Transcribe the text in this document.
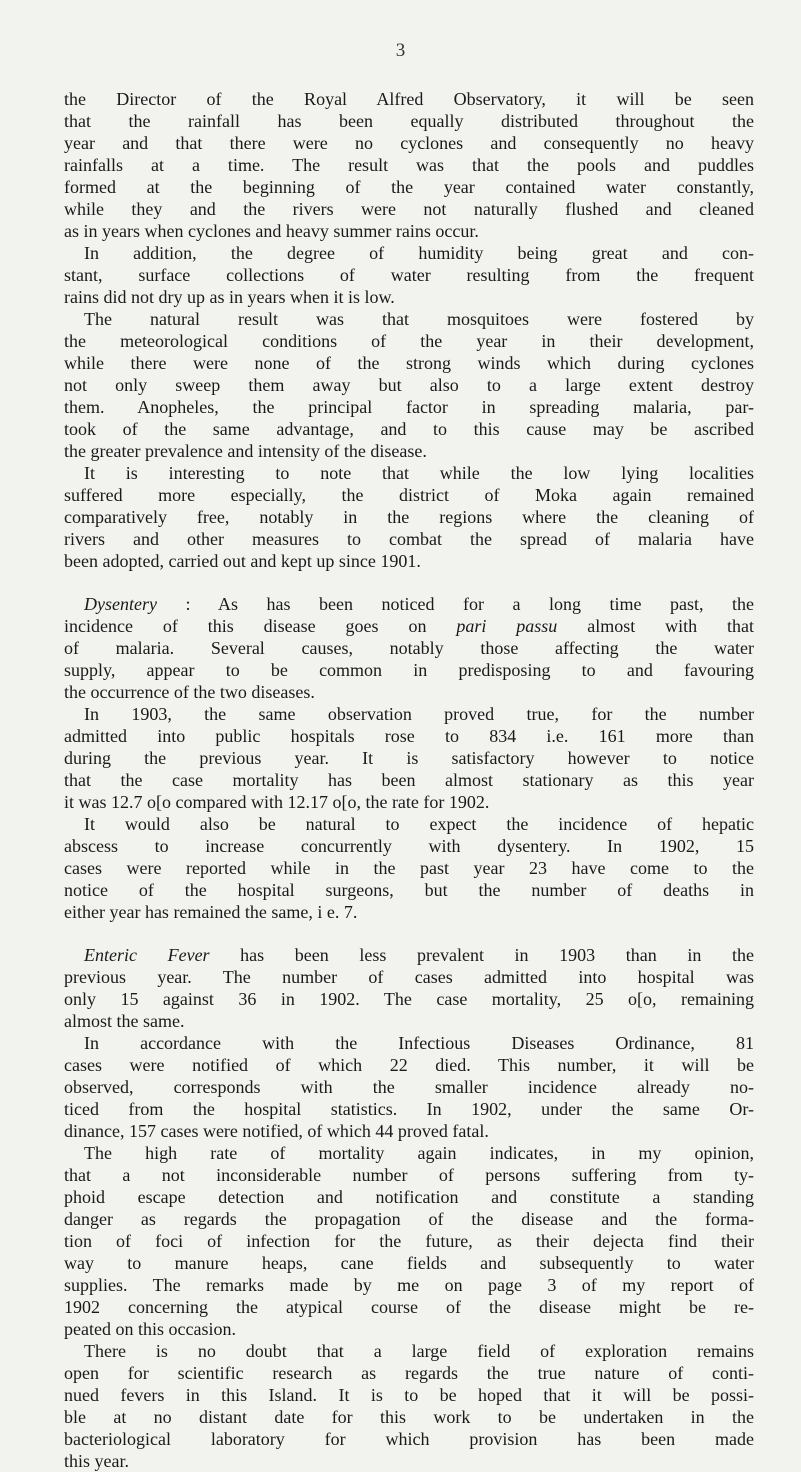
3
the Director of the Royal Alfred Observatory, it will be seen
that the rainfall has been equally distributed throughout the
year and that there were no cyclones and consequently no heavy
rainfalls at a time. The result was that the pools and puddles
formed at the beginning of the year contained water constantly,
while they and the rivers were not naturally flushed and cleaned
as in years when cyclones and heavy summer rains occur.
In addition, the degree of humidity being great and con-
stant, surface collections of water resulting from the frequent
rains did not dry up as in years when it is low.
The natural result was that mosquitoes were fostered by
the meteorological conditions of the year in their development,
while there were none of the strong winds which during cyclones
not only sweep them away but also to a large extent destroy
them. Anopheles, the principal factor in spreading malaria, par-
took of the same advantage, and to this cause may be ascribed
the greater prevalence and intensity of the disease.
It is interesting to note that while the low lying localities
suffered more especially, the district of Moka again remained
comparatively free, notably in the regions where the cleaning of
rivers and other measures to combat the spread of malaria have
been adopted, carried out and kept up since 1901.
Dysentery : As has been noticed for a long time past, the
incidence of this disease goes on pari passu almost with that
of malaria. Several causes, notably those affecting the water
supply, appear to be common in predisposing to and favouring
the occurrence of the two diseases.
In 1903, the same observation proved true, for the number
admitted into public hospitals rose to 834 i.e. 161 more than
during the previous year. It is satisfactory however to notice
that the case mortality has been almost stationary as this year
it was 12.7 o[o compared with 12.17 o[o, the rate for 1902.
It would also be natural to expect the incidence of hepatic
abscess to increase concurrently with dysentery. In 1902, 15
cases were reported while in the past year 23 have come to the
notice of the hospital surgeons, but the number of deaths in
either year has remained the same, i e. 7.
Enteric Fever has been less prevalent in 1903 than in the
previous year. The number of cases admitted into hospital was
only 15 against 36 in 1902. The case mortality, 25 o[o, remaining
almost the same.
In accordance with the Infectious Diseases Ordinance, 81
cases were notified of which 22 died. This number, it will be
observed, corresponds with the smaller incidence already no-
ticed from the hospital statistics. In 1902, under the same Or-
dinance, 157 cases were notified, of which 44 proved fatal.
The high rate of mortality again indicates, in my opinion,
that a not inconsiderable number of persons suffering from ty-
phoid escape detection and notification and constitute a standing
danger as regards the propagation of the disease and the forma-
tion of foci of infection for the future, as their dejecta find their
way to manure heaps, cane fields and subsequently to water
supplies. The remarks made by me on page 3 of my report of
1902 concerning the atypical course of the disease might be re-
peated on this occasion.
There is no doubt that a large field of exploration remains
open for scientific research as regards the true nature of conti-
nued fevers in this Island. It is to be hoped that it will be possi-
ble at no distant date for this work to be undertaken in the
bacteriological laboratory for which provision has been made
this year.
